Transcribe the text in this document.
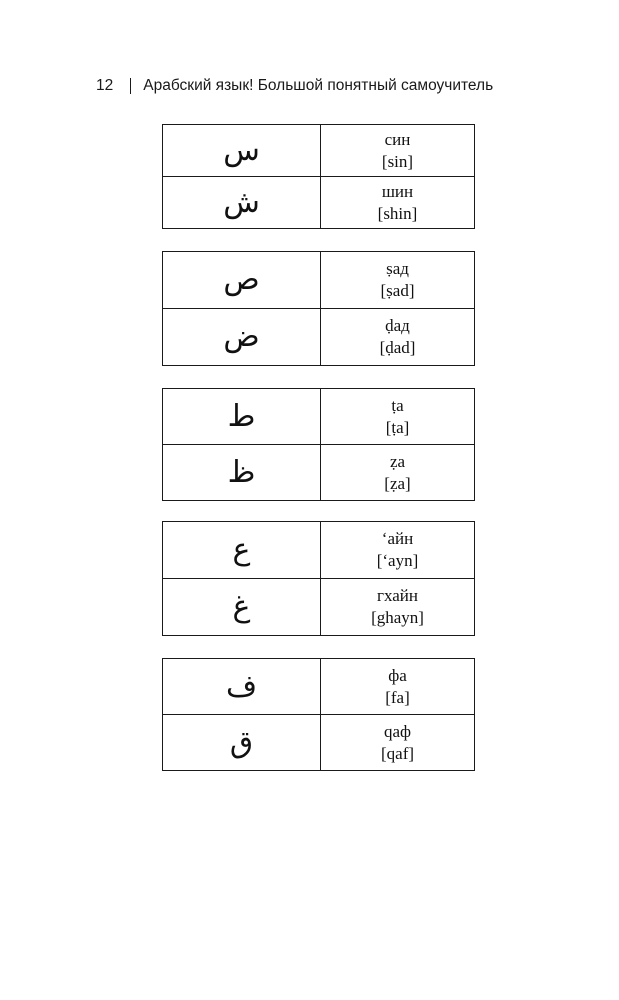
12 Арабский язык! Большой понятный самоучитель
س	син
[sin]

ش	шин
[shin]
ص	ṣад
[ṣad]

ض	ḍад
[ḍad]
ط	ṭа
[ṭa]

ظ	ẓа
[ẓa]
ع	‘айн
[‘ayn]

غ	гхайн
[ghayn]
ف	фа
[fa]

ق	qаф
[qaf]
